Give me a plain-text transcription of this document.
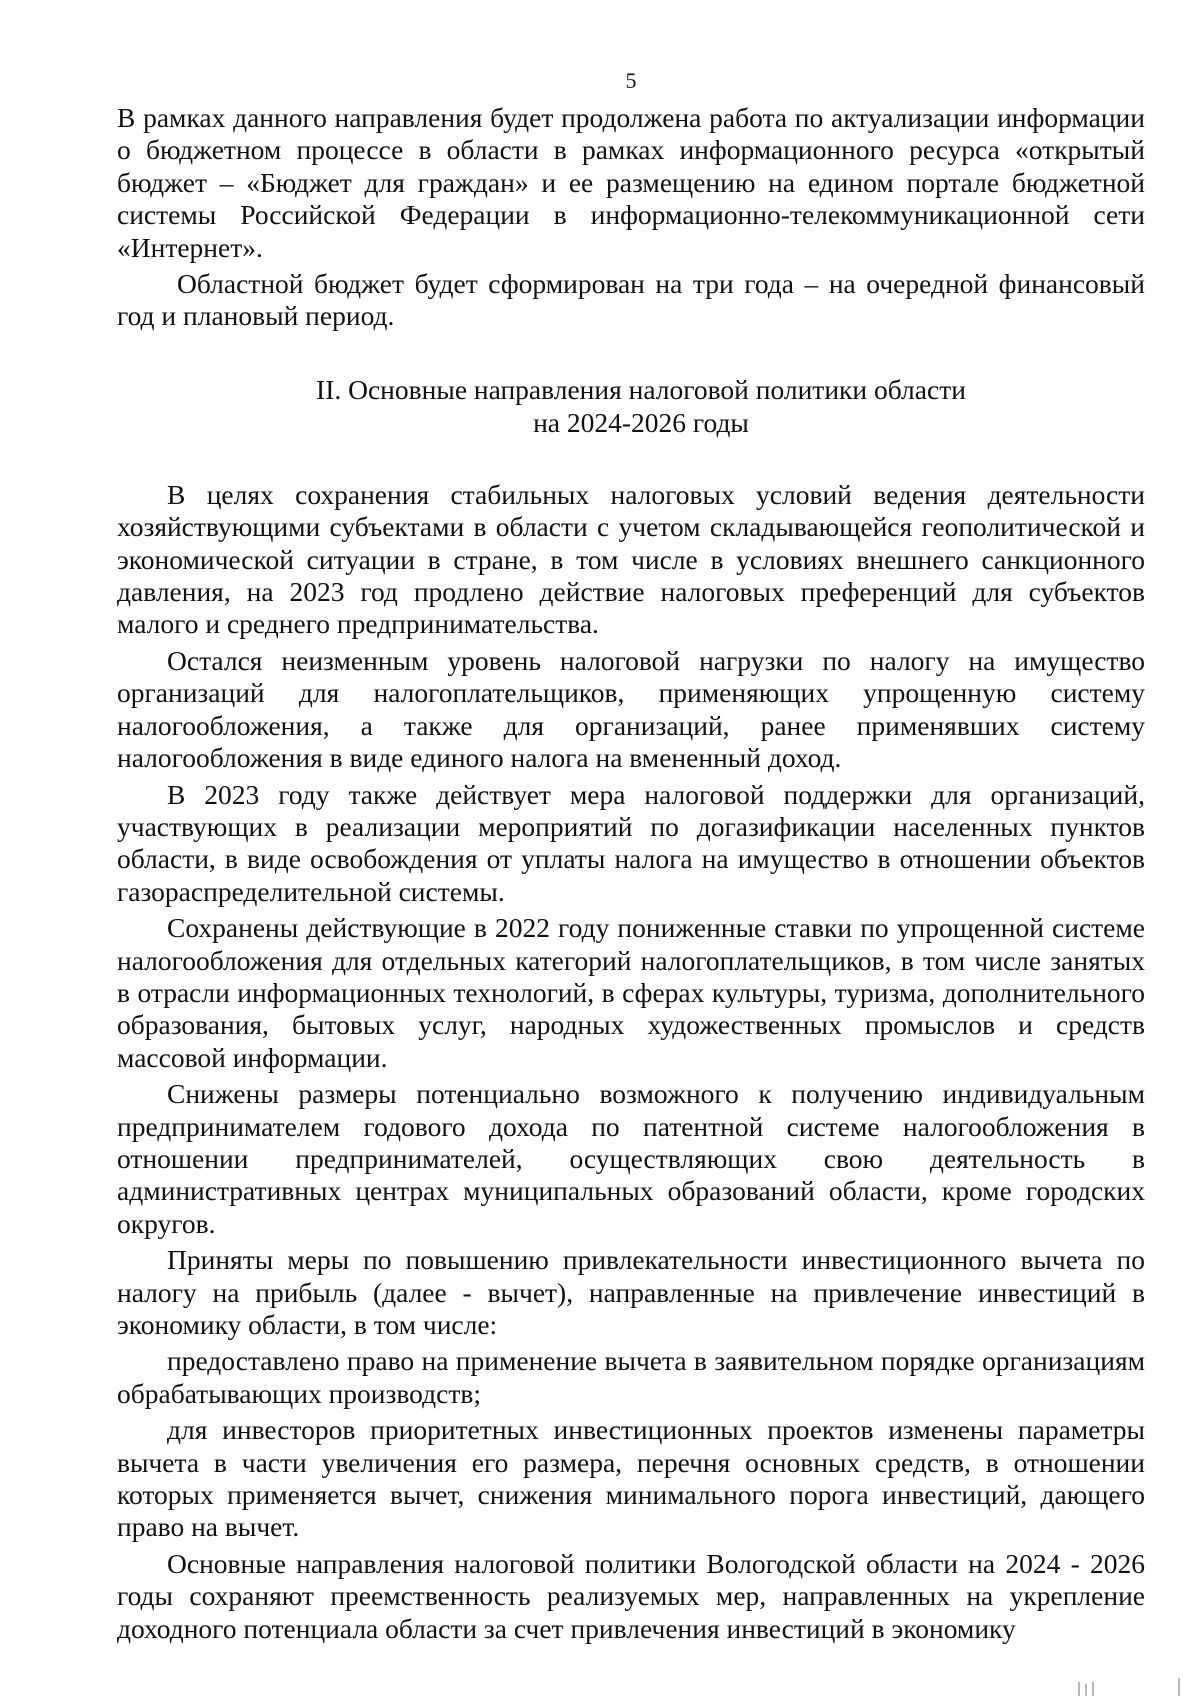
5

В рамках данного направления будет продолжена работа по актуализации информации о бюджетном процессе в области в рамках информационного ресурса «открытый бюджет – «Бюджет для граждан» и ее размещению на едином портале бюджетной системы Российской Федерации в информационно-телекоммуникационной сети «Интернет».

Областной бюджет будет сформирован на три года – на очередной финансовый год и плановый период.

II. Основные направления налоговой политики области
на 2024-2026 годы

В целях сохранения стабильных налоговых условий ведения деятельности хозяйствующими субъектами в области с учетом складывающейся геополитической и экономической ситуации в стране, в том числе в условиях внешнего санкционного давления, на 2023 год продлено действие налоговых преференций для субъектов малого и среднего предпринимательства.

Остался неизменным уровень налоговой нагрузки по налогу на имущество организаций для налогоплательщиков, применяющих упрощенную систему налогообложения, а также для организаций, ранее применявших систему налогообложения в виде единого налога на вмененный доход.

В 2023 году также действует мера налоговой поддержки для организаций, участвующих в реализации мероприятий по догазификации населенных пунктов области, в виде освобождения от уплаты налога на имущество в отношении объектов газораспределительной системы.

Сохранены действующие в 2022 году пониженные ставки по упрощенной системе налогообложения для отдельных категорий налогоплательщиков, в том числе занятых в отрасли информационных технологий, в сферах культуры, туризма, дополнительного образования, бытовых услуг, народных художественных промыслов и средств массовой информации.

Снижены размеры потенциально возможного к получению индивидуальным предпринимателем годового дохода по патентной системе налогообложения в отношении предпринимателей, осуществляющих свою деятельность в административных центрах муниципальных образований области, кроме городских округов.

Приняты меры по повышению привлекательности инвестиционного вычета по налогу на прибыль (далее - вычет), направленные на привлечение инвестиций в экономику области, в том числе:

предоставлено право на применение вычета в заявительном порядке организациям обрабатывающих производств;

для инвесторов приоритетных инвестиционных проектов изменены параметры вычета в части увеличения его размера, перечня основных средств, в отношении которых применяется вычет, снижения минимального порога инвестиций, дающего право на вычет.

Основные направления налоговой политики Вологодской области на 2024 - 2026 годы сохраняют преемственность реализуемых мер, направленных на укрепление доходного потенциала области за счет привлечения инвестиций в экономику
